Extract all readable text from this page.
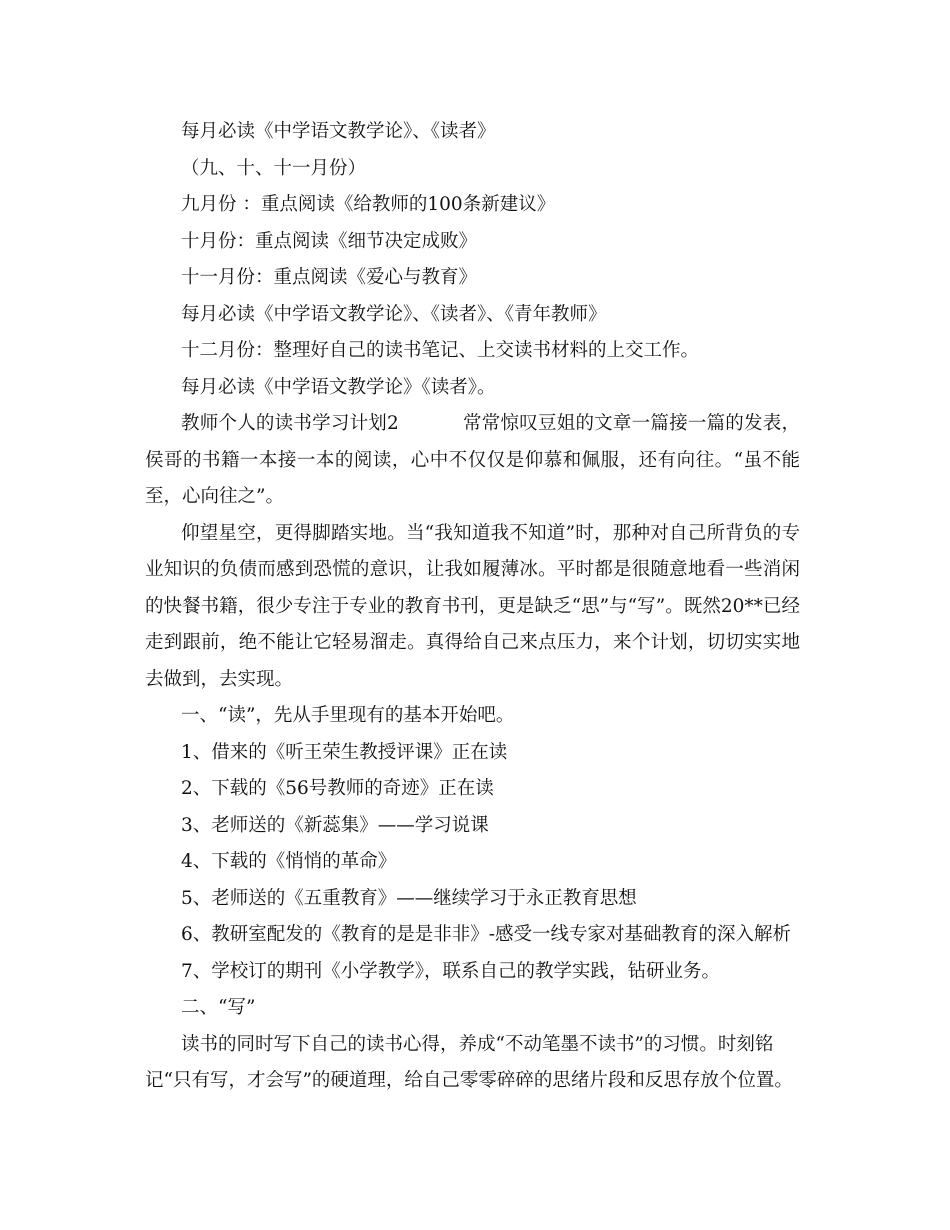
每月必读《中学语文教学论》、《读者》
（九、十、十一月份）
九月份 ：重点阅读《给教师的100条新建议》
十月份：重点阅读《细节决定成败》
十一月份：重点阅读《爱心与教育》
每月必读《中学语文教学论》、《读者》、《青年教师》
十二月份：整理好自己的读书笔记、上交读书材料的上交工作。
每月必读《中学语文教学论》《读者》。
教师个人的读书学习计划2	常常惊叹豆姐的文章一篇接一篇的发表，侯哥的书籍一本接一本的阅读，心中不仅仅是仰慕和佩服，还有向往。“虽不能至，心向往之”。
仰望星空，更得脚踏实地。当“我知道我不知道”时，那种对自己所背负的专业知识的负债而感到恐慌的意识，让我如履薄冰。平时都是很随意地看一些消闲的快餐书籍，很少专注于专业的教育书刊，更是缺乏“思”与“写”。既然20**已经走到跟前，绝不能让它轻易溜走。真得给自己来点压力，来个计划，切切实实地去做到，去实现。
一、“读”，先从手里现有的基本开始吧。
1、借来的《听王荣生教授评课》正在读
2、下载的《56号教师的奇迹》正在读
3、老师送的《新蕊集》——学习说课
4、下载的《悄悄的革命》
5、老师送的《五重教育》——继续学习于永正教育思想
6、教研室配发的《教育的是是非非》-感受一线专家对基础教育的深入解析
7、学校订的期刊《小学教学》，联系自己的教学实践，钻研业务。
二、“写”
读书的同时写下自己的读书心得，养成“不动笔墨不读书”的习惯。时刻铭
记“只有写，才会写”的硬道理，给自己零零碎碎的思绪片段和反思存放个位置。
